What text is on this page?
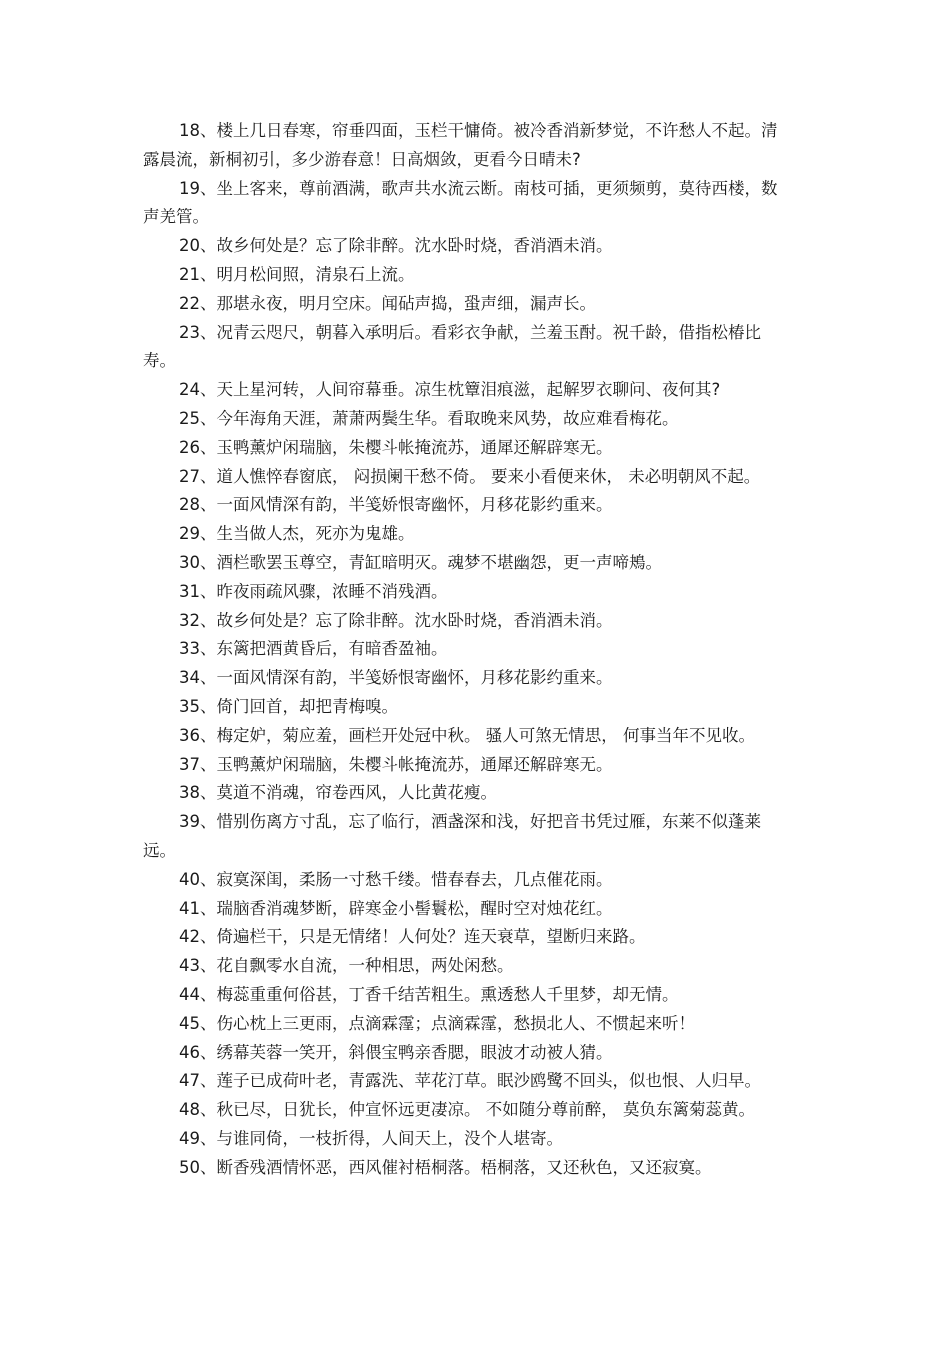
18、楼上几日春寒，帘垂四面，玉栏干慵倚。被冷香消新梦觉，不许愁人不起。清露晨流，新桐初引，多少游春意！日高烟敛，更看今日晴未?

19、坐上客来，尊前酒满，歌声共水流云断。南枝可插，更须频剪，莫待西楼，数声羌管。

20、故乡何处是？忘了除非醉。沈水卧时烧，香消酒未消。

21、明月松间照，清泉石上流。

22、那堪永夜，明月空床。闻砧声捣，蛩声细，漏声长。

23、况青云咫尺，朝暮入承明后。看彩衣争献，兰羞玉酎。祝千龄，借指松椿比寿。

24、天上星河转，人间帘幕垂。凉生枕簟泪痕滋，起解罗衣聊问、夜何其?

25、今年海角天涯，萧萧两鬓生华。看取晚来风势，故应难看梅花。

26、玉鸭薰炉闲瑞脑，朱樱斗帐掩流苏，通犀还解辟寒无。

27、道人憔悴春窗底， 闷损阑干愁不倚。 要来小看便来休， 未必明朝风不起。

28、一面风情深有韵，半笺娇恨寄幽怀，月移花影约重来。

29、生当做人杰，死亦为鬼雄。

30、酒栏歌罢玉尊空，青缸暗明灭。魂梦不堪幽怨，更一声啼鴂。

31、昨夜雨疏风骤，浓睡不消残酒。

32、故乡何处是？忘了除非醉。沈水卧时烧，香消酒未消。

33、东篱把酒黄昏后，有暗香盈袖。

34、一面风情深有韵，半笺娇恨寄幽怀，月移花影约重来。

35、倚门回首，却把青梅嗅。

36、梅定妒，菊应羞，画栏开处冠中秋。 骚人可煞无情思， 何事当年不见收。

37、玉鸭薰炉闲瑞脑，朱樱斗帐掩流苏，通犀还解辟寒无。

38、莫道不消魂，帘卷西风，人比黄花瘦。

39、惜别伤离方寸乱，忘了临行，酒盏深和浅，好把音书凭过雁，东莱不似蓬莱远。

40、寂寞深闺，柔肠一寸愁千缕。惜春春去，几点催花雨。

41、瑞脑香消魂梦断，辟寒金小髻鬟松，醒时空对烛花红。

42、倚遍栏干，只是无情绪！人何处？连天衰草，望断归来路。

43、花自飘零水自流，一种相思，两处闲愁。

44、梅蕊重重何俗甚，丁香千结苦粗生。熏透愁人千里梦，却无情。

45、伤心枕上三更雨，点滴霖霪；点滴霖霪，愁损北人、不惯起来听！

46、绣幕芙蓉一笑开，斜偎宝鸭亲香腮，眼波才动被人猜。

47、莲子已成荷叶老，青露洗、苹花汀草。眠沙鸥鹭不回头，似也恨、人归早。

48、秋已尽，日犹长，仲宣怀远更凄凉。 不如随分尊前醉， 莫负东篱菊蕊黄。

49、与谁同倚，一枝折得，人间天上，没个人堪寄。

50、断香残酒情怀恶，西风催衬梧桐落。梧桐落，又还秋色，又还寂寞。
